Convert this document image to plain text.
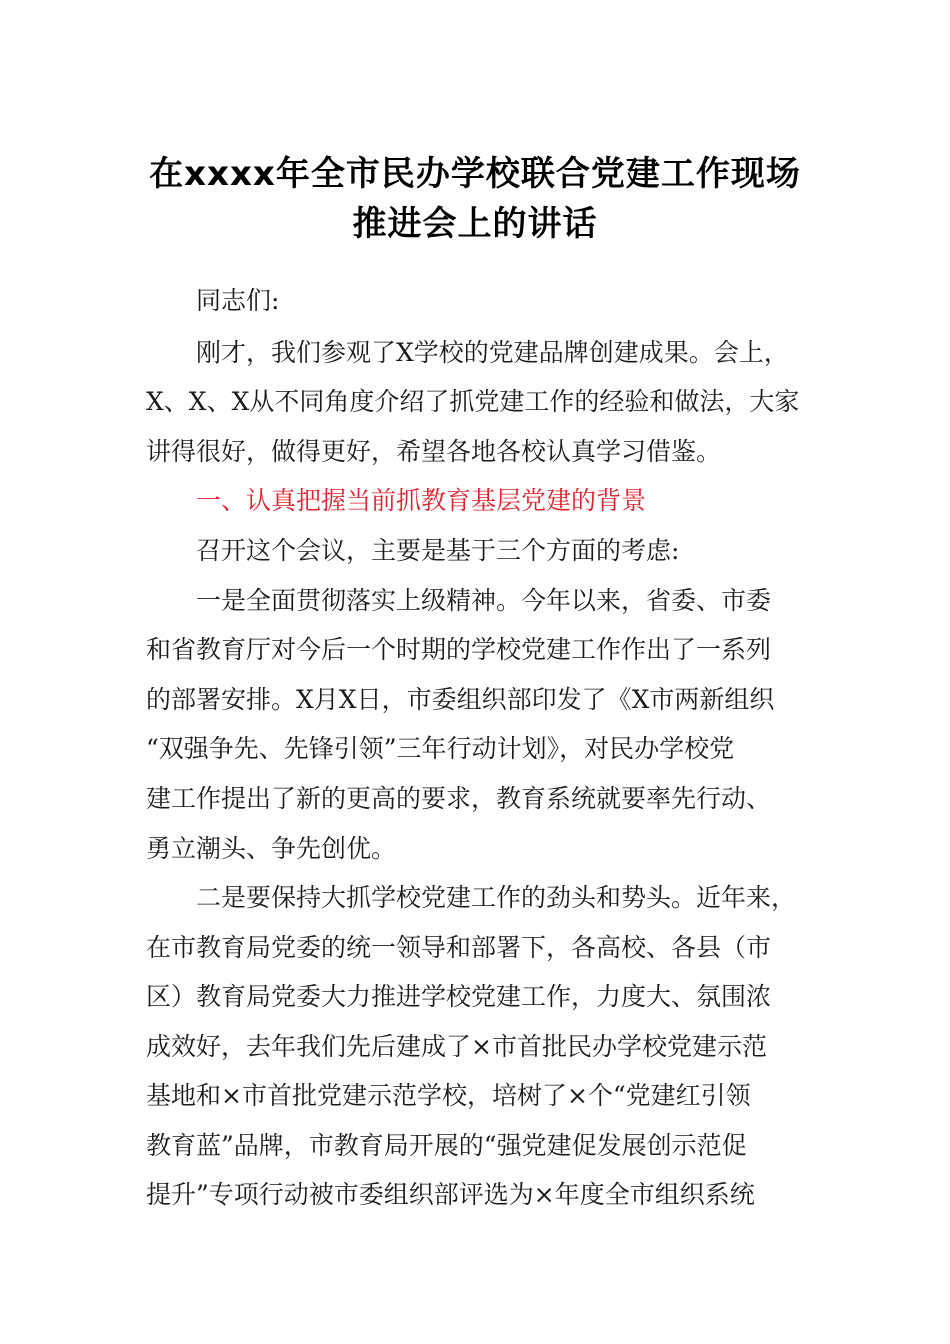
在xxxx年全市民办学校联合党建工作现场
推进会上的讲话
同志们:
刚才，我们参观了X学校的党建品牌创建成果。会上，
X、X、X从不同角度介绍了抓党建工作的经验和做法，大家
讲得很好，做得更好，希望各地各校认真学习借鉴。
一、认真把握当前抓教育基层党建的背景
召开这个会议，主要是基于三个方面的考虑:
一是全面贯彻落实上级精神。今年以来，省委、市委
和省教育厅对今后一个时期的学校党建工作作出了一系列
的部署安排。X月X日，市委组织部印发了《X市两新组织
“双强争先、先锋引领”三年行动计划》，对民办学校党
建工作提出了新的更高的要求，教育系统就要率先行动、
勇立潮头、争先创优。
二是要保持大抓学校党建工作的劲头和势头。近年来，
在市教育局党委的统一领导和部署下，各高校、各县（市
区）教育局党委大力推进学校党建工作，力度大、氛围浓
成效好，去年我们先后建成了×市首批民办学校党建示范
基地和×市首批党建示范学校，培树了×个“党建红引领
教育蓝”品牌，市教育局开展的“强党建促发展创示范促
提升”专项行动被市委组织部评选为×年度全市组织系统
